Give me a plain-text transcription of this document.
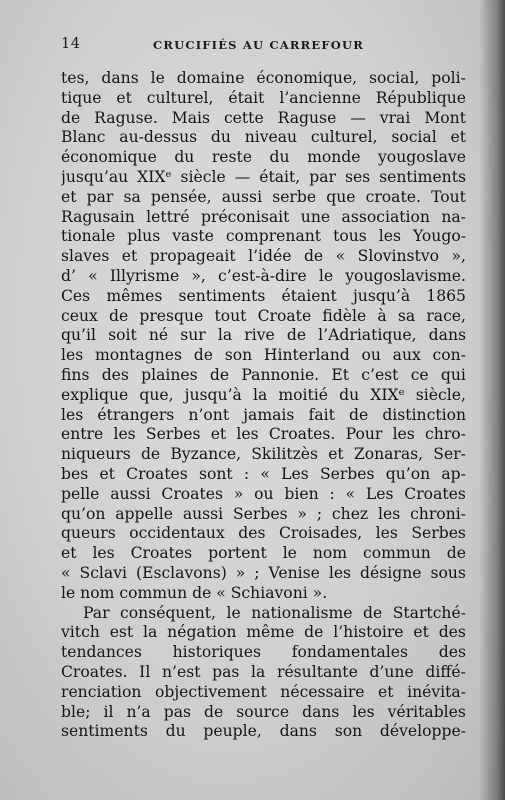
14	CRUCIFIÉS AU CARREFOUR
tes, dans le domaine économique, social, poli-
tique et culturel, était l’ancienne République
de Raguse. Mais cette Raguse — vrai Mont
Blanc au-dessus du niveau culturel, social et
économique du reste du monde yougoslave
jusqu’au XIXᵉ siècle — était, par ses sentiments
et par sa pensée, aussi serbe que croate. Tout
Ragusain lettré préconisait une association na-
tionale plus vaste comprenant tous les Yougo-
slaves et propageait l’idée de « Slovinstvo »,
d’ « Illyrisme », c’est-à-dire le yougoslavisme.
Ces mêmes sentiments étaient jusqu’à 1865
ceux de presque tout Croate fidèle à sa race,
qu’il soit né sur la rive de l’Adriatique, dans
les montagnes de son Hinterland ou aux con-
fins des plaines de Pannonie. Et c’est ce qui
explique que, jusqu’à la moitié du XIXᵉ siècle,
les étrangers n’ont jamais fait de distinction
entre les Serbes et les Croates. Pour les chro-
niqueurs de Byzance, Skilitzès et Zonaras, Ser-
bes et Croates sont : « Les Serbes qu’on ap-
pelle aussi Croates » ou bien : « Les Croates
qu’on appelle aussi Serbes » ; chez les chroni-
queurs occidentaux des Croisades, les Serbes
et les Croates portent le nom commun de
« Sclavi (Esclavons) » ; Venise les désigne sous
le nom commun de « Schiavoni ».
Par conséquent, le nationalisme de Startché-
vitch est la négation même de l’histoire et des
tendances historiques fondamentales des
Croates. Il n’est pas la résultante d’une diffé-
renciation objectivement nécessaire et inévita-
ble; il n’a pas de source dans les véritables
sentiments du peuple, dans son développe-
